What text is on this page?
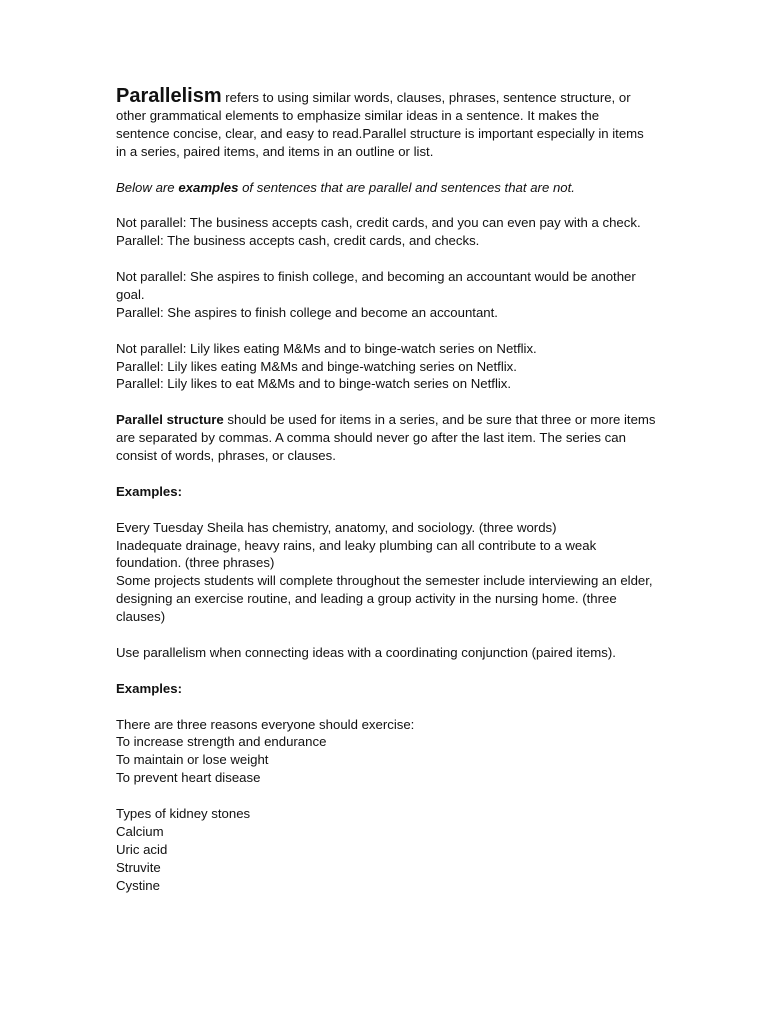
Parallelism refers to using similar words, clauses, phrases, sentence structure, or other grammatical elements to emphasize similar ideas in a sentence. It makes the sentence concise, clear, and easy to read.Parallel structure is important especially in items in a series, paired items, and items in an outline or list.

Below are examples of sentences that are parallel and sentences that are not.

Not parallel: The business accepts cash, credit cards, and you can even pay with a check.
Parallel: The business accepts cash, credit cards, and checks.

Not parallel: She aspires to finish college, and becoming an accountant would be another goal.
Parallel: She aspires to finish college and become an accountant.

Not parallel: Lily likes eating M&Ms and to binge-watch series on Netflix.
Parallel: Lily likes eating M&Ms and binge-watching series on Netflix.
Parallel: Lily likes to eat M&Ms and to binge-watch series on Netflix.

Parallel structure should be used for items in a series, and be sure that three or more items are separated by commas. A comma should never go after the last item. The series can consist of words, phrases, or clauses.

Examples:

Every Tuesday Sheila has chemistry, anatomy, and sociology. (three words)
Inadequate drainage, heavy rains, and leaky plumbing can all contribute to a weak foundation. (three phrases)
Some projects students will complete throughout the semester include interviewing an elder, designing an exercise routine, and leading a group activity in the nursing home. (three clauses)

Use parallelism when connecting ideas with a coordinating conjunction (paired items).

Examples:

There are three reasons everyone should exercise:
To increase strength and endurance
To maintain or lose weight
To prevent heart disease

Types of kidney stones
Calcium
Uric acid
Struvite
Cystine
